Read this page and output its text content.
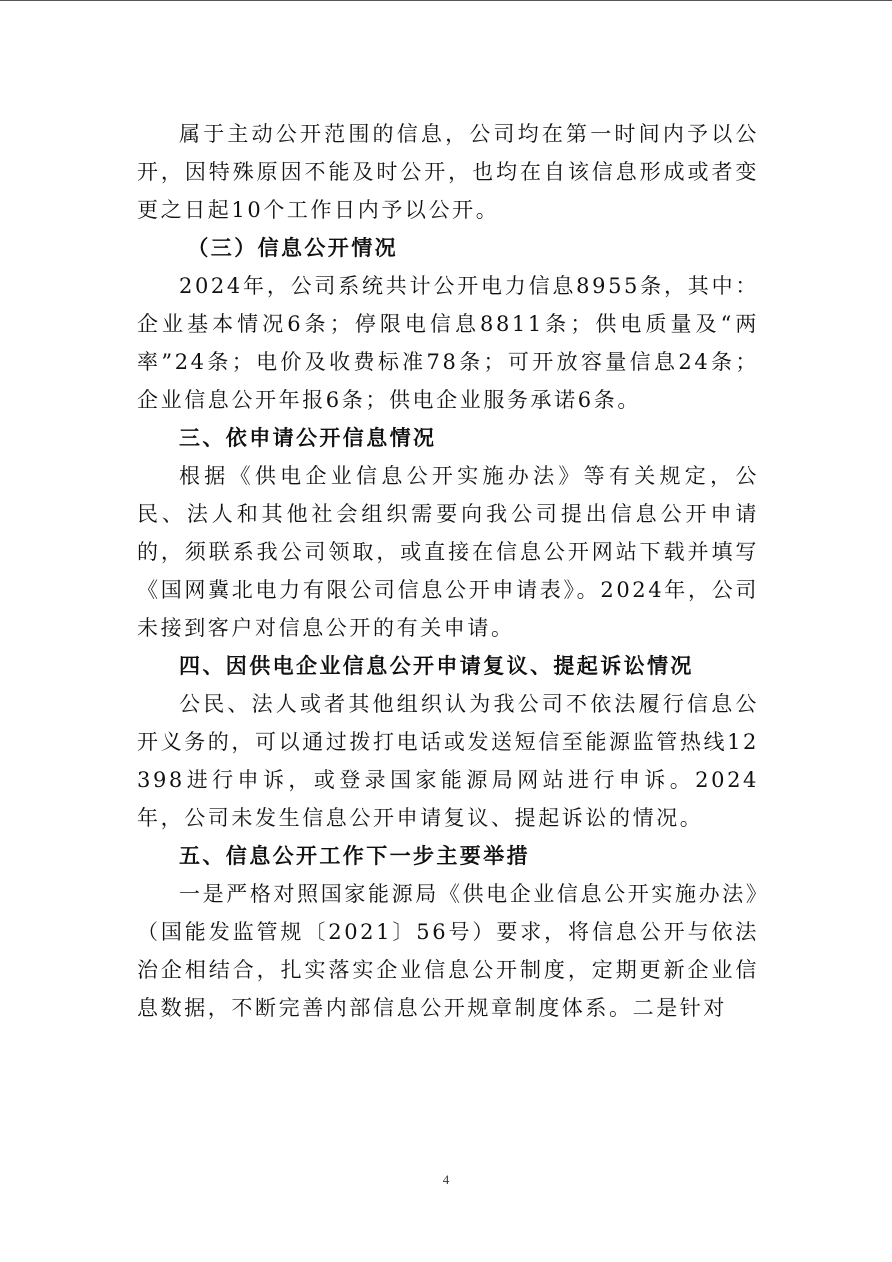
属于主动公开范围的信息，公司均在第一时间内予以公开，因特殊原因不能及时公开，也均在自该信息形成或者变更之日起10个工作日内予以公开。

（三）信息公开情况

2024年，公司系统共计公开电力信息8955条，其中：企业基本情况6条；停限电信息8811条；供电质量及“两率”24条；电价及收费标准78条；可开放容量信息24条；企业信息公开年报6条；供电企业服务承诺6条。

三、依申请公开信息情况

根据《供电企业信息公开实施办法》等有关规定，公民、法人和其他社会组织需要向我公司提出信息公开申请的，须联系我公司领取，或直接在信息公开网站下载并填写《国网冀北电力有限公司信息公开申请表》。2024年，公司未接到客户对信息公开的有关申请。

四、因供电企业信息公开申请复议、提起诉讼情况

公民、法人或者其他组织认为我公司不依法履行信息公开义务的，可以通过拨打电话或发送短信至能源监管热线12398进行申诉，或登录国家能源局网站进行申诉。2024年，公司未发生信息公开申请复议、提起诉讼的情况。

五、信息公开工作下一步主要举措

一是严格对照国家能源局《供电企业信息公开实施办法》（国能发监管规〔2021〕56号）要求，将信息公开与依法治企相结合，扎实落实企业信息公开制度，定期更新企业信息数据，不断完善内部信息公开规章制度体系。二是针对

4
